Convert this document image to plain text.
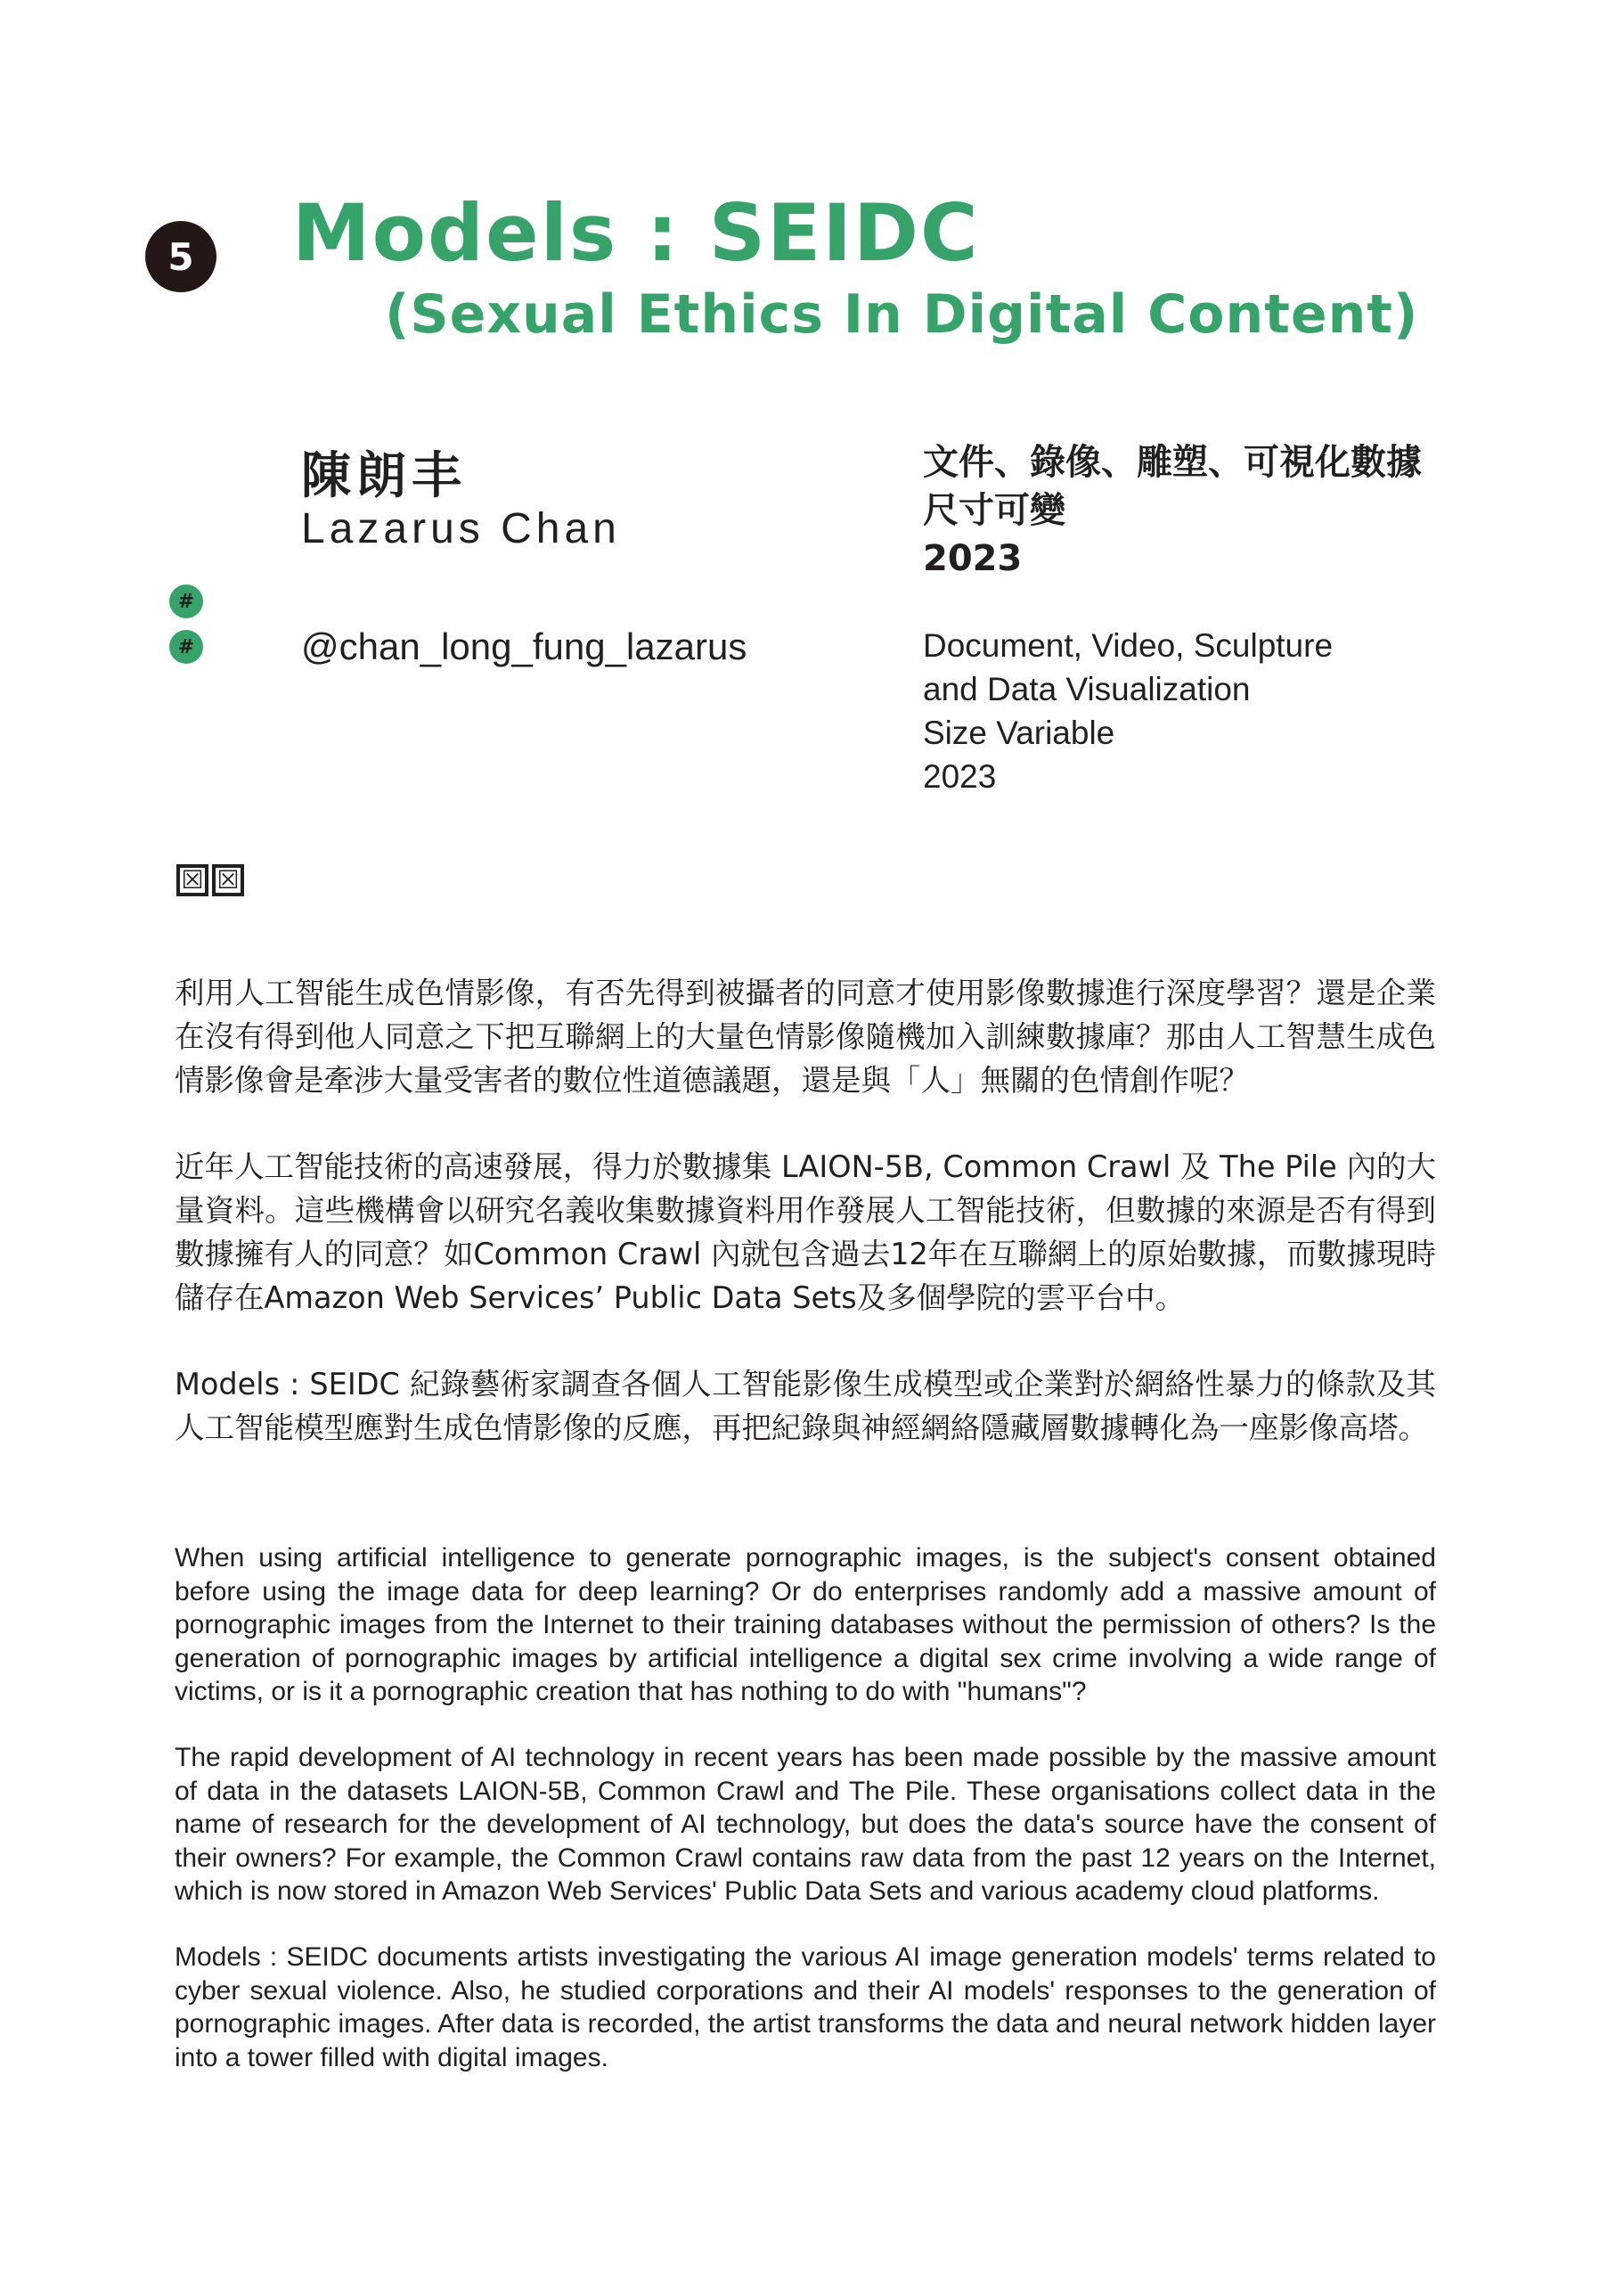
5 Models : SEIDC
(Sexual Ethics In Digital Content)
陳朗丰
Lazarus Chan
#
#	@chan_long_fung_lazarus
文件、錄像、雕塑、可視化數據
尺寸可變
2023
Document, Video, Sculpture
and Data Visualization
Size Variable
2023
☒ ☒

利用人工智能生成色情影像，有否先得到被攝者的同意才使用影像數據進行深度學習？還是企業在沒有得到他人同意之下把互聯網上的大量色情影像隨機加入訓練數據庫？那由人工智慧生成色情影像會是牽涉大量受害者的數位性道德議題，還是與「人」無關的色情創作呢？

近年人工智能技術的高速發展，得力於數據集 LAION-5B, Common Crawl 及 The Pile 內的大量資料。這些機構會以研究名義收集數據資料用作發展人工智能技術，但數據的來源是否有得到數據擁有人的同意？如Common Crawl 內就包含過去12年在互聯網上的原始數據，而數據現時儲存在Amazon Web Services’ Public Data Sets及多個學院的雲平台中。

Models : SEIDC 紀錄藝術家調查各個人工智能影像生成模型或企業對於網絡性暴力的條款及其人工智能模型應對生成色情影像的反應，再把紀錄與神經網絡隱藏層數據轉化為一座影像高塔。

When using artificial intelligence to generate pornographic images, is the subject's consent obtained before using the image data for deep learning? Or do enterprises randomly add a massive amount of pornographic images from the Internet to their training databases without the permission of others? Is the generation of pornographic images by artificial intelligence a digital sex crime involving a wide range of victims, or is it a pornographic creation that has nothing to do with "humans"?

The rapid development of AI technology in recent years has been made possible by the massive amount of data in the datasets LAION-5B, Common Crawl and The Pile. These organisations collect data in the name of research for the development of AI technology, but does the data's source have the consent of their owners? For example, the Common Crawl contains raw data from the past 12 years on the Internet, which is now stored in Amazon Web Services' Public Data Sets and various academy cloud platforms.

Models : SEIDC documents artists investigating the various AI image generation models' terms related to cyber sexual violence. Also, he studied corporations and their AI models' responses to the generation of pornographic images. After data is recorded, the artist transforms the data and neural network hidden layer into a tower filled with digital images.
